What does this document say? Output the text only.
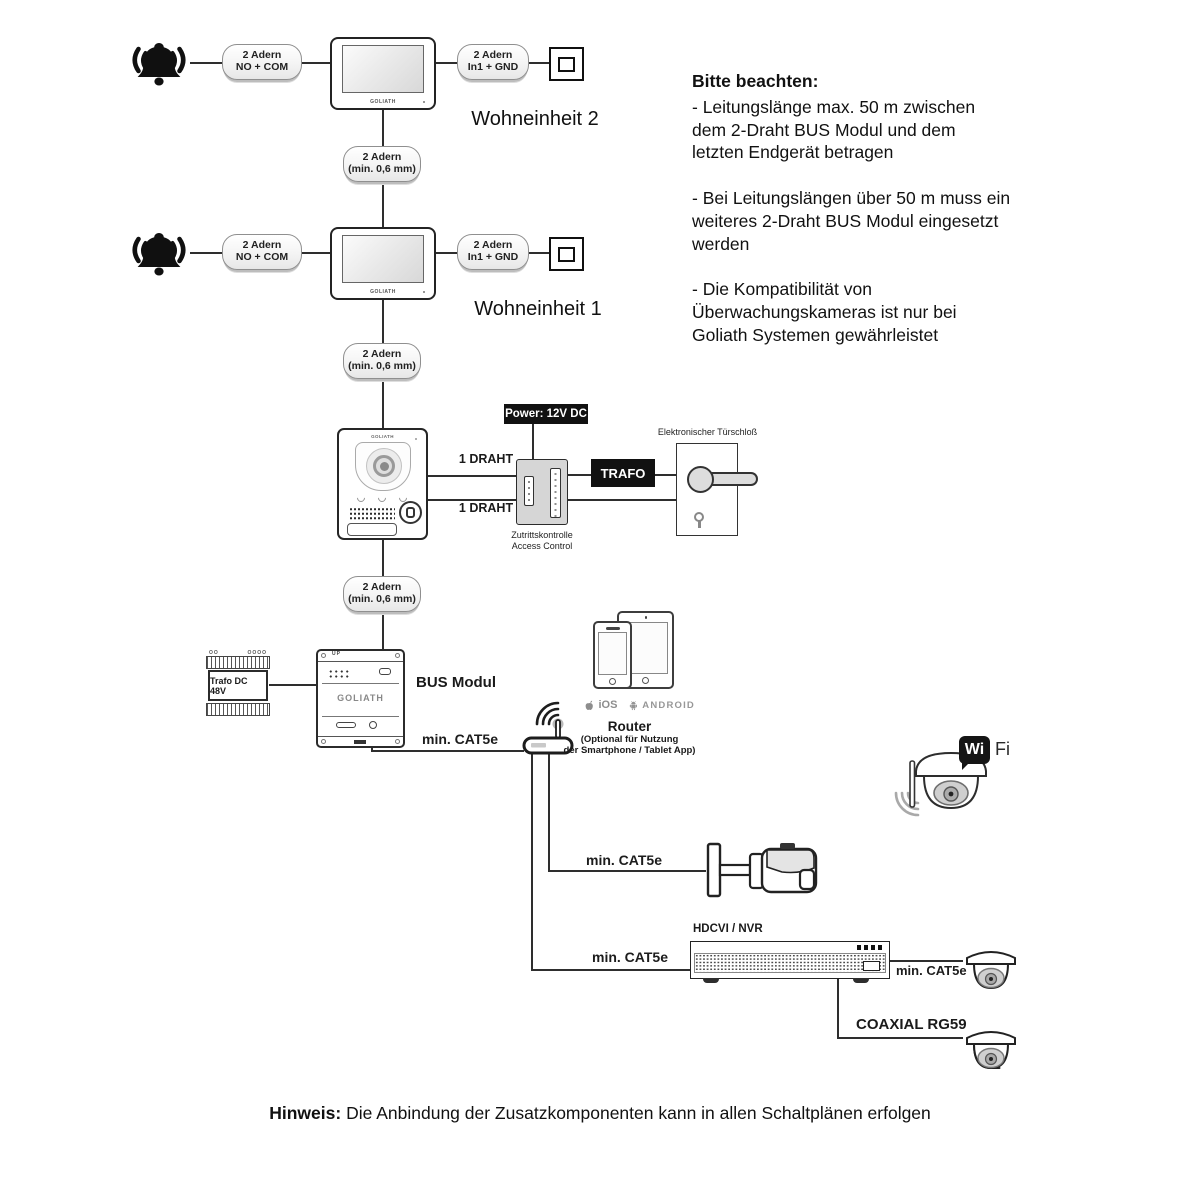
2 Adern
NO + COM
GOLIATH
2 Adern
In1 + GND
Wohneinheit 2
2 Adern
(min. 0,6 mm)
2 Adern
NO + COM
GOLIATH
2 Adern
In1 + GND
Wohneinheit 1
2 Adern
(min. 0,6 mm)
GOLIATH
Power: 12V DC
1 DRAHT
1 DRAHT
Zutrittskontrolle
Access Control
TRAFO
Elektronischer Türschloß
2 Adern
(min. 0,6 mm)
OO	OOOO
Trafo DC 48V
UP
GOLIATH
BUS Modul
min. CAT5e
iOS	ANDROID
Router
(Optional für Nutzung
der Smartphone / Tablet App)	Wi Fi
min. CAT5e
HDCVI / NVR
min. CAT5e
min. CAT5e
COAXIAL RG59
Bitte beachten:
- Leitungslänge max. 50 m zwischen
dem 2-Draht BUS Modul und dem
letzten Endgerät betragen
- Bei Leitungslängen über 50 m muss ein
weiteres 2-Draht BUS Modul eingesetzt
werden
- Die Kompatibilität von
Überwachungskameras ist nur bei
Goliath Systemen gewährleistet
Hinweis: Die Anbindung der Zusatzkomponenten kann in allen Schaltplänen erfolgen
